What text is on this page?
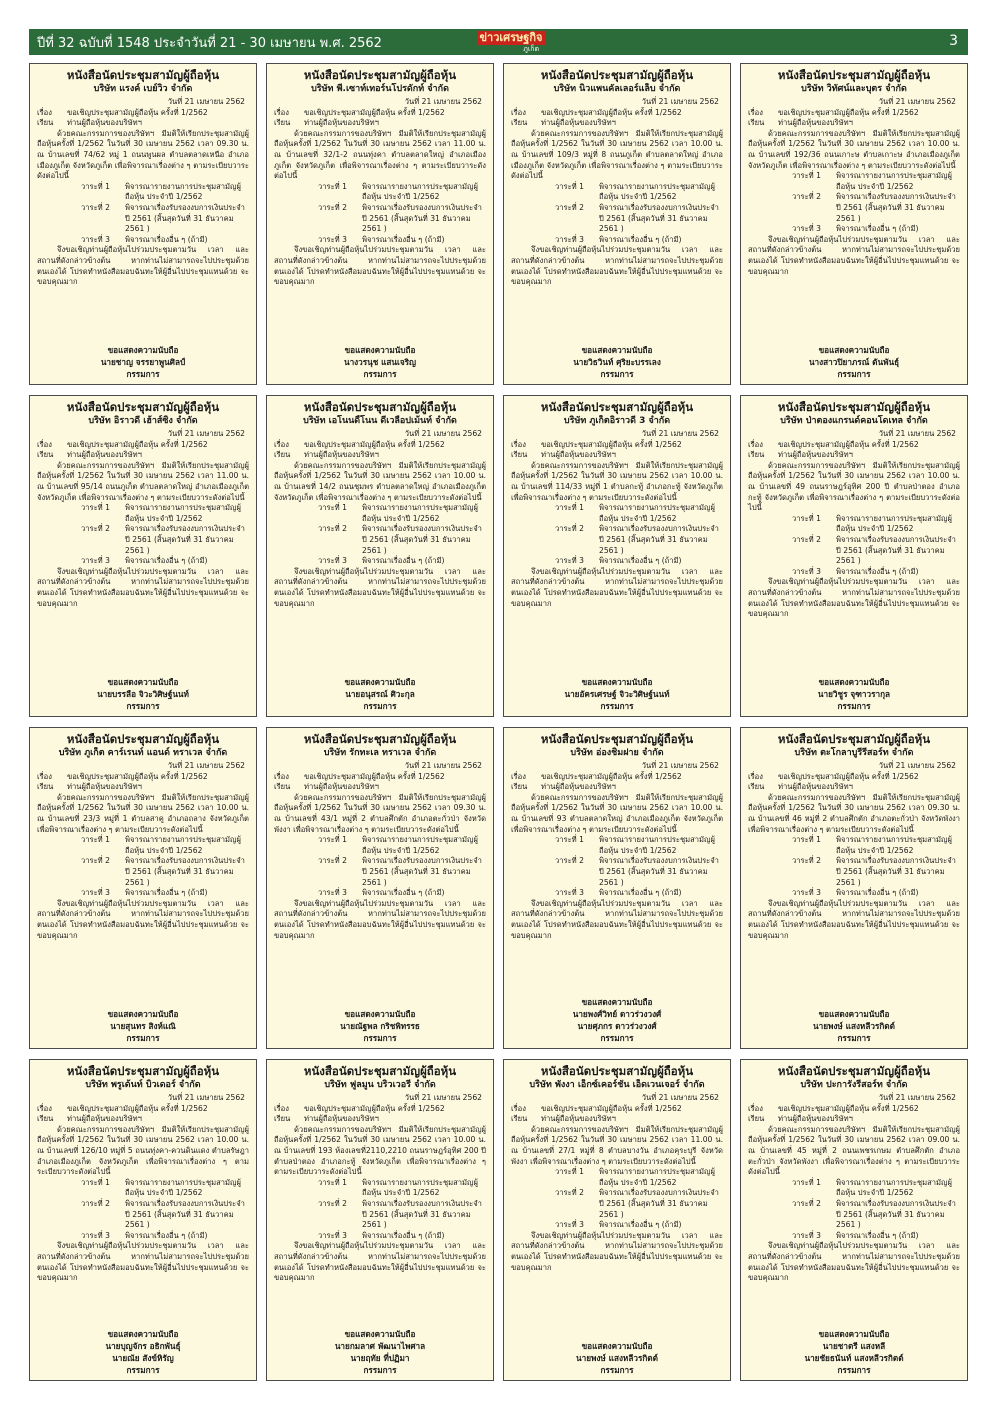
ปีที่ 32 ฉบับที่ 1548 ประจำวันที่ 21 - 30 เมษายน พ.ศ. 2562	ข่าวเศรษฐกิจ
ภูเก็ต	3
หนังสือนัดประชุมสามัญผู้ถือหุ้น
บริษัท แรงค์ เบย์วิว จำกัด
วันที่ 21 เมษายน 2562
เรื่อง	ขอเชิญประชุมสามัญผู้ถือหุ้น ครั้งที่ 1/2562
เรียน	ท่านผู้ถือหุ้นของบริษัทฯ
ด้วยคณะกรรมการของบริษัทฯ มีมติให้เรียกประชุมสามัญผู้ถือหุ้นครั้งที่ 1/2562 ในวันที่ 30 เมษายน 2562 เวลา 09.30 น. ณ บ้านเลขที่ 74/62 หมู่ 1 ถนนพูนผล ตำบลตลาดเหนือ อำเภอเมืองภูเก็ต จังหวัดภูเก็ต เพื่อพิจารณาเรื่องต่าง ๆ ตามระเบียบวาระดังต่อไปนี้
วาระที่ 1	พิจารณารายงานการประชุมสามัญผู้ถือหุ้น ประจำปี 1/2562
วาระที่ 2	พิจารณาเรื่องรับรองงบการเงินประจำปี 2561 (สิ้นสุดวันที่ 31 ธันวาคม 2561 )
วาระที่ 3	พิจารณาเรื่องอื่น ๆ (ถ้ามี)
จึงขอเชิญท่านผู้ถือหุ้นไปร่วมประชุมตามวัน เวลา และสถานที่ดังกล่าวข้างต้น หากท่านไม่สามารถจะไปประชุมด้วยตนเองได้ โปรดทำหนังสือมอบฉันทะให้ผู้อื่นไปประชุมแทนด้วย จะขอบคุณมาก
ขอแสดงความนับถือ
นายชาญ จรรยาพูนศิลป์
กรรมการ
หนังสือนัดประชุมสามัญผู้ถือหุ้น
บริษัท พี.เซาท์เทอร์นโปรดักท์ จำกัด
วันที่ 21 เมษายน 2562
เรื่อง	ขอเชิญประชุมสามัญผู้ถือหุ้น ครั้งที่ 1/2562
เรียน	ท่านผู้ถือหุ้นของบริษัทฯ
ด้วยคณะกรรมการของบริษัทฯ มีมติให้เรียกประชุมสามัญผู้ถือหุ้นครั้งที่ 1/2562 ในวันที่ 30 เมษายน 2562 เวลา 11.00 น. ณ บ้านเลขที่ 32/1-2 ถนนทุ่งคา ตำบลตลาดใหญ่ อำเภอเมืองภูเก็ต จังหวัดภูเก็ต เพื่อพิจารณาเรื่องต่าง ๆ ตามระเบียบวาระดังต่อไปนี้
วาระที่ 1	พิจารณารายงานการประชุมสามัญผู้ถือหุ้น ประจำปี 1/2562
วาระที่ 2	พิจารณาเรื่องรับรองงบการเงินประจำปี 2561 (สิ้นสุดวันที่ 31 ธันวาคม 2561 )
วาระที่ 3	พิจารณาเรื่องอื่น ๆ (ถ้ามี)
จึงขอเชิญท่านผู้ถือหุ้นไปร่วมประชุมตามวัน เวลา และสถานที่ดังกล่าวข้างต้น หากท่านไม่สามารถจะไปประชุมด้วยตนเองได้ โปรดทำหนังสือมอบฉันทะให้ผู้อื่นไปประชุมแทนด้วย จะขอบคุณมาก
ขอแสดงความนับถือ
นางวรนุช แสนเจริญ
กรรมการ
หนังสือนัดประชุมสามัญผู้ถือหุ้น
บริษัท นิวแพนคัลเลอร์แล็บ จำกัด
วันที่ 21 เมษายน 2562
เรื่อง	ขอเชิญประชุมสามัญผู้ถือหุ้น ครั้งที่ 1/2562
เรียน	ท่านผู้ถือหุ้นของบริษัทฯ
ด้วยคณะกรรมการของบริษัทฯ มีมติให้เรียกประชุมสามัญผู้ถือหุ้นครั้งที่ 1/2562 ในวันที่ 30 เมษายน 2562 เวลา 10.00 น. ณ บ้านเลขที่ 109/3 หมู่ที่ 8 ถนนภูเก็ต ตำบลตลาดใหญ่ อำเภอเมืองภูเก็ต จังหวัดภูเก็ต เพื่อพิจารณาเรื่องต่าง ๆ ตามระเบียบวาระดังต่อไปนี้
วาระที่ 1	พิจารณารายงานการประชุมสามัญผู้ถือหุ้น ประจำปี 1/2562
วาระที่ 2	พิจารณาเรื่องรับรองงบการเงินประจำปี 2561 (สิ้นสุดวันที่ 31 ธันวาคม 2561 )
วาระที่ 3	พิจารณาเรื่องอื่น ๆ (ถ้ามี)
จึงขอเชิญท่านผู้ถือหุ้นไปร่วมประชุมตามวัน เวลา และสถานที่ดังกล่าวข้างต้น หากท่านไม่สามารถจะไปประชุมด้วยตนเองได้ โปรดทำหนังสือมอบฉันทะให้ผู้อื่นไปประชุมแทนด้วย จะขอบคุณมาก
ขอแสดงความนับถือ
นายวิธวินท์ ศุริยะบรรเลง
กรรมการ
หนังสือนัดประชุมสามัญผู้ถือหุ้น
บริษัท วิทัศน์และบุตร จำกัด
วันที่ 21 เมษายน 2562
เรื่อง	ขอเชิญประชุมสามัญผู้ถือหุ้น ครั้งที่ 1/2562
เรียน	ท่านผู้ถือหุ้นของบริษัทฯ
ด้วยคณะกรรมการของบริษัทฯ มีมติให้เรียกประชุมสามัญผู้ถือหุ้นครั้งที่ 1/2562 ในวันที่ 30 เมษายน 2562 เวลา 10.00 น. ณ บ้านเลขที่ 192/36 ถนนเกาะษ ตำบลเกาะษ อำเภอเมืองภูเก็ต จังหวัดภูเก็ต เพื่อพิจารณาเรื่องต่าง ๆ ตามระเบียบวาระดังต่อไปนี้
วาระที่ 1	พิจารณารายงานการประชุมสามัญผู้ถือหุ้น ประจำปี 1/2562
วาระที่ 2	พิจารณาเรื่องรับรองงบการเงินประจำปี 2561 (สิ้นสุดวันที่ 31 ธันวาคม 2561 )
วาระที่ 3	พิจารณาเรื่องอื่น ๆ (ถ้ามี)
จึงขอเชิญท่านผู้ถือหุ้นไปร่วมประชุมตามวัน เวลา และสถานที่ดังกล่าวข้างต้น หากท่านไม่สามารถจะไปประชุมด้วยตนเองได้ โปรดทำหนังสือมอบฉันทะให้ผู้อื่นไปประชุมแทนด้วย จะขอบคุณมาก
ขอแสดงความนับถือ
นางสาวปิยาภรณ์ ตันพันธุ์
กรรมการ
หนังสือนัดประชุมสามัญผู้ถือหุ้น
บริษัท อิราวดี เฮ้าส์ซิ่ง จำกัด
วันที่ 21 เมษายน 2562
เรื่อง	ขอเชิญประชุมสามัญผู้ถือหุ้น ครั้งที่ 1/2562
เรียน	ท่านผู้ถือหุ้นของบริษัทฯ
ด้วยคณะกรรมการของบริษัทฯ มีมติให้เรียกประชุมสามัญผู้ถือหุ้นครั้งที่ 1/2562 ในวันที่ 30 เมษายน 2562 เวลา 11.00 น. ณ บ้านเลขที่ 95/14 ถนนภูเก็ต ตำบลตลาดใหญ่ อำเภอเมืองภูเก็ต จังหวัดภูเก็ต เพื่อพิจารณาเรื่องต่าง ๆ ตามระเบียบวาระดังต่อไปนี้
วาระที่ 1	พิจารณารายงานการประชุมสามัญผู้ถือหุ้น ประจำปี 1/2562
วาระที่ 2	พิจารณาเรื่องรับรองงบการเงินประจำปี 2561 (สิ้นสุดวันที่ 31 ธันวาคม 2561 )
วาระที่ 3	พิจารณาเรื่องอื่น ๆ (ถ้ามี)
จึงขอเชิญท่านผู้ถือหุ้นไปร่วมประชุมตามวัน เวลา และสถานที่ดังกล่าวข้างต้น หากท่านไม่สามารถจะไปประชุมด้วยตนเองได้ โปรดทำหนังสือมอบฉันทะให้ผู้อื่นไปประชุมแทนด้วย จะขอบคุณมาก
ขอแสดงความนับถือ
นายบรรลือ จิวะวิศิษฐ์นนท์
กรรมการ
หนังสือนัดประชุมสามัญผู้ถือหุ้น
บริษัท เอโนนดี้โนน ดีเวลือปเม้นท์ จำกัด
วันที่ 21 เมษายน 2562
เรื่อง	ขอเชิญประชุมสามัญผู้ถือหุ้น ครั้งที่ 1/2562
เรียน	ท่านผู้ถือหุ้นของบริษัทฯ
ด้วยคณะกรรมการของบริษัทฯ มีมติให้เรียกประชุมสามัญผู้ถือหุ้นครั้งที่ 1/2562 ในวันที่ 30 เมษายน 2562 เวลา 10.00 น. ณ บ้านเลขที่ 14/2 ถนนชุมพร ตำบลตลาดใหญ่ อำเภอเมืองภูเก็ต จังหวัดภูเก็ต เพื่อพิจารณาเรื่องต่าง ๆ ตามระเบียบวาระดังต่อไปนี้
วาระที่ 1	พิจารณารายงานการประชุมสามัญผู้ถือหุ้น ประจำปี 1/2562
วาระที่ 2	พิจารณาเรื่องรับรองงบการเงินประจำปี 2561 (สิ้นสุดวันที่ 31 ธันวาคม 2561 )
วาระที่ 3	พิจารณาเรื่องอื่น ๆ (ถ้ามี)
จึงขอเชิญท่านผู้ถือหุ้นไปร่วมประชุมตามวัน เวลา และสถานที่ดังกล่าวข้างต้น หากท่านไม่สามารถจะไปประชุมด้วยตนเองได้ โปรดทำหนังสือมอบฉันทะให้ผู้อื่นไปประชุมแทนด้วย จะขอบคุณมาก
ขอแสดงความนับถือ
นายอนุสรณ์ ศิวะกุล
กรรมการ
หนังสือนัดประชุมสามัญผู้ถือหุ้น
บริษัท ภูเก็ตอิราวดี 3 จำกัด
วันที่ 21 เมษายน 2562
เรื่อง	ขอเชิญประชุมสามัญผู้ถือหุ้น ครั้งที่ 1/2562
เรียน	ท่านผู้ถือหุ้นของบริษัทฯ
ด้วยคณะกรรมการของบริษัทฯ มีมติให้เรียกประชุมสามัญผู้ถือหุ้นครั้งที่ 1/2562 ในวันที่ 30 เมษายน 2562 เวลา 10.00 น. ณ บ้านเลขที่ 114/33 หมู่ที่ 1 ตำบลกะทู้ อำเภอกะทู้ จังหวัดภูเก็ต เพื่อพิจารณาเรื่องต่าง ๆ ตามระเบียบวาระดังต่อไปนี้
วาระที่ 1	พิจารณารายงานการประชุมสามัญผู้ถือหุ้น ประจำปี 1/2562
วาระที่ 2	พิจารณาเรื่องรับรองงบการเงินประจำปี 2561 (สิ้นสุดวันที่ 31 ธันวาคม 2561 )
วาระที่ 3	พิจารณาเรื่องอื่น ๆ (ถ้ามี)
จึงขอเชิญท่านผู้ถือหุ้นไปร่วมประชุมตามวัน เวลา และสถานที่ดังกล่าวข้างต้น หากท่านไม่สามารถจะไปประชุมด้วยตนเองได้ โปรดทำหนังสือมอบฉันทะให้ผู้อื่นไปประชุมแทนด้วย จะขอบคุณมาก
ขอแสดงความนับถือ
นายอัครเศรษฐ์ จิวะวิศิษฐ์นนท์
กรรมการ
หนังสือนัดประชุมสามัญผู้ถือหุ้น
บริษัท ป่าตองแกรนด์คอนโดเทล จำกัด
วันที่ 21 เมษายน 2562
เรื่อง	ขอเชิญประชุมสามัญผู้ถือหุ้น ครั้งที่ 1/2562
เรียน	ท่านผู้ถือหุ้นของบริษัทฯ
ด้วยคณะกรรมการของบริษัทฯ มีมติให้เรียกประชุมสามัญผู้ถือหุ้นครั้งที่ 1/2562 ในวันที่ 30 เมษายน 2562 เวลา 10.00 น. ณ บ้านเลขที่ 49 ถนนราษฎร์อุทิศ 200 ปี ตำบลป่าตอง อำเภอกะทู้ จังหวัดภูเก็ต เพื่อพิจารณาเรื่องต่าง ๆ ตามระเบียบวาระดังต่อไปนี้
วาระที่ 1	พิจารณารายงานการประชุมสามัญผู้ถือหุ้น ประจำปี 1/2562
วาระที่ 2	พิจารณาเรื่องรับรองงบการเงินประจำปี 2561 (สิ้นสุดวันที่ 31 ธันวาคม 2561 )
วาระที่ 3	พิจารณาเรื่องอื่น ๆ (ถ้ามี)
จึงขอเชิญท่านผู้ถือหุ้นไปร่วมประชุมตามวัน เวลา และสถานที่ดังกล่าวข้างต้น หากท่านไม่สามารถจะไปประชุมด้วยตนเองได้ โปรดทำหนังสือมอบฉันทะให้ผู้อื่นไปประชุมแทนด้วย จะขอบคุณมาก
ขอแสดงความนับถือ
นายวิชูร จุฑาวรากุล
กรรมการ
หนังสือนัดประชุมสามัญผู้ถือหุ้น
บริษัท ภูเก็ต คาร์เรนท์ แอนด์ ทราเวล จำกัด
วันที่ 21 เมษายน 2562
เรื่อง	ขอเชิญประชุมสามัญผู้ถือหุ้น ครั้งที่ 1/2562
เรียน	ท่านผู้ถือหุ้นของบริษัทฯ
ด้วยคณะกรรมการของบริษัทฯ มีมติให้เรียกประชุมสามัญผู้ถือหุ้นครั้งที่ 1/2562 ในวันที่ 30 เมษายน 2562 เวลา 10.00 น. ณ บ้านเลขที่ 23/3 หมู่ที่ 1 ตำบลสาคู อำเภอถลาง จังหวัดภูเก็ต เพื่อพิจารณาเรื่องต่าง ๆ ตามระเบียบวาระดังต่อไปนี้
วาระที่ 1	พิจารณารายงานการประชุมสามัญผู้ถือหุ้น ประจำปี 1/2562
วาระที่ 2	พิจารณาเรื่องรับรองงบการเงินประจำปี 2561 (สิ้นสุดวันที่ 31 ธันวาคม 2561 )
วาระที่ 3	พิจารณาเรื่องอื่น ๆ (ถ้ามี)
จึงขอเชิญท่านผู้ถือหุ้นไปร่วมประชุมตามวัน เวลา และสถานที่ดังกล่าวข้างต้น หากท่านไม่สามารถจะไปประชุมด้วยตนเองได้ โปรดทำหนังสือมอบฉันทะให้ผู้อื่นไปประชุมแทนด้วย จะขอบคุณมาก
ขอแสดงความนับถือ
นายสุนทร สิงห์แณิ
กรรมการ
หนังสือนัดประชุมสามัญผู้ถือหุ้น
บริษัท รักทะเล ทราเวล จำกัด
วันที่ 21 เมษายน 2562
เรื่อง	ขอเชิญประชุมสามัญผู้ถือหุ้น ครั้งที่ 1/2562
เรียน	ท่านผู้ถือหุ้นของบริษัทฯ
ด้วยคณะกรรมการของบริษัทฯ มีมติให้เรียกประชุมสามัญผู้ถือหุ้นครั้งที่ 1/2562 ในวันที่ 30 เมษายน 2562 เวลา 09.30 น. ณ บ้านเลขที่ 43/1 หมู่ที่ 2 ตำบลศึกตัก อำเภอตะกั่วป่า จังหวัดพังงา เพื่อพิจารณาเรื่องต่าง ๆ ตามระเบียบวาระดังต่อไปนี้
วาระที่ 1	พิจารณารายงานการประชุมสามัญผู้ถือหุ้น ประจำปี 1/2562
วาระที่ 2	พิจารณาเรื่องรับรองงบการเงินประจำปี 2561 (สิ้นสุดวันที่ 31 ธันวาคม 2561 )
วาระที่ 3	พิจารณาเรื่องอื่น ๆ (ถ้ามี)
จึงขอเชิญท่านผู้ถือหุ้นไปร่วมประชุมตามวัน เวลา และสถานที่ดังกล่าวข้างต้น หากท่านไม่สามารถจะไปประชุมด้วยตนเองได้ โปรดทำหนังสือมอบฉันทะให้ผู้อื่นไปประชุมแทนด้วย จะขอบคุณมาก
ขอแสดงความนับถือ
นายณัฐพล กริชพิทรรธ
กรรมการ
หนังสือนัดประชุมสามัญผู้ถือหุ้น
บริษัท อ่องชิมฝาย จำกัด
วันที่ 21 เมษายน 2562
เรื่อง	ขอเชิญประชุมสามัญผู้ถือหุ้น ครั้งที่ 1/2562
เรียน	ท่านผู้ถือหุ้นของบริษัทฯ
ด้วยคณะกรรมการของบริษัทฯ มีมติให้เรียกประชุมสามัญผู้ถือหุ้นครั้งที่ 1/2562 ในวันที่ 30 เมษายน 2562 เวลา 10.00 น. ณ บ้านเลขที่ 93 ตำบลตลาดใหญ่ อำเภอเมืองภูเก็ต จังหวัดภูเก็ต เพื่อพิจารณาเรื่องต่าง ๆ ตามระเบียบวาระดังต่อไปนี้
วาระที่ 1	พิจารณารายงานการประชุมสามัญผู้ถือหุ้น ประจำปี 1/2562
วาระที่ 2	พิจารณาเรื่องรับรองงบการเงินประจำปี 2561 (สิ้นสุดวันที่ 31 ธันวาคม 2561 )
วาระที่ 3	พิจารณาเรื่องอื่น ๆ (ถ้ามี)
จึงขอเชิญท่านผู้ถือหุ้นไปร่วมประชุมตามวัน เวลา และสถานที่ดังกล่าวข้างต้น หากท่านไม่สามารถจะไปประชุมด้วยตนเองได้ โปรดทำหนังสือมอบฉันทะให้ผู้อื่นไปประชุมแทนด้วย จะขอบคุณมาก
ขอแสดงความนับถือ
นายพงศ์วิทย์ ดาวร่วงวงศ์
นายศุภกร ดาวร่วงวงศ์
กรรมการ
หนังสือนัดประชุมสามัญผู้ถือหุ้น
บริษัท ตะโกลาบูรีรีสอร์ท จำกัด
วันที่ 21 เมษายน 2562
เรื่อง	ขอเชิญประชุมสามัญผู้ถือหุ้น ครั้งที่ 1/2562
เรียน	ท่านผู้ถือหุ้นของบริษัทฯ
ด้วยคณะกรรมการของบริษัทฯ มีมติให้เรียกประชุมสามัญผู้ถือหุ้นครั้งที่ 1/2562 ในวันที่ 30 เมษายน 2562 เวลา 09.30 น. ณ บ้านเลขที่ 46 หมู่ที่ 2 ตำบลศึกตัก อำเภอตะกั่วป่า จังหวัดพังงา เพื่อพิจารณาเรื่องต่าง ๆ ตามระเบียบวาระดังต่อไปนี้
วาระที่ 1	พิจารณารายงานการประชุมสามัญผู้ถือหุ้น ประจำปี 1/2562
วาระที่ 2	พิจารณาเรื่องรับรองงบการเงินประจำปี 2561 (สิ้นสุดวันที่ 31 ธันวาคม 2561 )
วาระที่ 3	พิจารณาเรื่องอื่น ๆ (ถ้ามี)
จึงขอเชิญท่านผู้ถือหุ้นไปร่วมประชุมตามวัน เวลา และสถานที่ดังกล่าวข้างต้น หากท่านไม่สามารถจะไปประชุมด้วยตนเองได้ โปรดทำหนังสือมอบฉันทะให้ผู้อื่นไปประชุมแทนด้วย จะขอบคุณมาก
ขอแสดงความนับถือ
นายพงษ์ แสงหลีวรกิตต์
กรรมการ
หนังสือนัดประชุมสามัญผู้ถือหุ้น
บริษัท พรูเด้นท์ บิวเดอร์ จำกัด
วันที่ 21 เมษายน 2562
เรื่อง	ขอเชิญประชุมสามัญผู้ถือหุ้น ครั้งที่ 1/2562
เรียน	ท่านผู้ถือหุ้นของบริษัทฯ
ด้วยคณะกรรมการของบริษัทฯ มีมติให้เรียกประชุมสามัญผู้ถือหุ้นครั้งที่ 1/2562 ในวันที่ 30 เมษายน 2562 เวลา 10.00 น. ณ บ้านเลขที่ 126/10 หมู่ที่ 5 ถนนทุ่งคา-ควนดินแดง ตำบลรัษฎา อำเภอเมืองภูเก็ต จังหวัดภูเก็ต เพื่อพิจารณาเรื่องต่าง ๆ ตามระเบียบวาระดังต่อไปนี้
วาระที่ 1	พิจารณารายงานการประชุมสามัญผู้ถือหุ้น ประจำปี 1/2562
วาระที่ 2	พิจารณาเรื่องรับรองงบการเงินประจำปี 2561 (สิ้นสุดวันที่ 31 ธันวาคม 2561 )
วาระที่ 3	พิจารณาเรื่องอื่น ๆ (ถ้ามี)
จึงขอเชิญท่านผู้ถือหุ้นไปร่วมประชุมตามวัน เวลา และสถานที่ดังกล่าวข้างต้น หากท่านไม่สามารถจะไปประชุมด้วยตนเองได้ โปรดทำหนังสือมอบฉันทะให้ผู้อื่นไปประชุมแทนด้วย จะขอบคุณมาก
ขอแสดงความนับถือ
นายบุญจักร อธิกพันธุ์
นายณัย สังข์หิรัญ
กรรมการ
หนังสือนัดประชุมสามัญผู้ถือหุ้น
บริษัท ฟูลมูน บริวเวอรี่ จำกัด
วันที่ 21 เมษายน 2562
เรื่อง	ขอเชิญประชุมสามัญผู้ถือหุ้น ครั้งที่ 1/2562
เรียน	ท่านผู้ถือหุ้นของบริษัทฯ
ด้วยคณะกรรมการของบริษัทฯ มีมติให้เรียกประชุมสามัญผู้ถือหุ้นครั้งที่ 1/2562 ในวันที่ 30 เมษายน 2562 เวลา 10.00 น. ณ บ้านเลขที่ 193 ห้องเลขที่2110,2210 ถนนราษฎร์อุทิศ 200 ปี ตำบลป่าตอง อำเภอกะทู้ จังหวัดภูเก็ต เพื่อพิจารณาเรื่องต่าง ๆ ตามระเบียบวาระดังต่อไปนี้
วาระที่ 1	พิจารณารายงานการประชุมสามัญผู้ถือหุ้น ประจำปี 1/2562
วาระที่ 2	พิจารณาเรื่องรับรองงบการเงินประจำปี 2561 (สิ้นสุดวันที่ 31 ธันวาคม 2561 )
วาระที่ 3	พิจารณาเรื่องอื่น ๆ (ถ้ามี)
จึงขอเชิญท่านผู้ถือหุ้นไปร่วมประชุมตามวัน เวลา และสถานที่ดังกล่าวข้างต้น หากท่านไม่สามารถจะไปประชุมด้วยตนเองได้ โปรดทำหนังสือมอบฉันทะให้ผู้อื่นไปประชุมแทนด้วย จะขอบคุณมาก
ขอแสดงความนับถือ
นายกมลาศ พัฒนาไพศาล
นายฤทัย ที่ปฏิมา
กรรมการ
หนังสือนัดประชุมสามัญผู้ถือหุ้น
บริษัท พังงา เอ็กซ์เคอร์ชั่น เอ็ดเวนเจอร์ จำกัด
วันที่ 21 เมษายน 2562
เรื่อง	ขอเชิญประชุมสามัญผู้ถือหุ้น ครั้งที่ 1/2562
เรียน	ท่านผู้ถือหุ้นของบริษัทฯ
ด้วยคณะกรรมการของบริษัทฯ มีมติให้เรียกประชุมสามัญผู้ถือหุ้นครั้งที่ 1/2562 ในวันที่ 30 เมษายน 2562 เวลา 11.00 น. ณ บ้านเลขที่ 27/1 หมู่ที่ 8 ตำบลบางวัน อำเภอคุระบุรี จังหวัดพังงา เพื่อพิจารณาเรื่องต่าง ๆ ตามระเบียบวาระดังต่อไปนี้
วาระที่ 1	พิจารณารายงานการประชุมสามัญผู้ถือหุ้น ประจำปี 1/2562
วาระที่ 2	พิจารณาเรื่องรับรองงบการเงินประจำปี 2561 (สิ้นสุดวันที่ 31 ธันวาคม 2561 )
วาระที่ 3	พิจารณาเรื่องอื่น ๆ (ถ้ามี)
จึงขอเชิญท่านผู้ถือหุ้นไปร่วมประชุมตามวัน เวลา และสถานที่ดังกล่าวข้างต้น หากท่านไม่สามารถจะไปประชุมด้วยตนเองได้ โปรดทำหนังสือมอบฉันทะให้ผู้อื่นไปประชุมแทนด้วย จะขอบคุณมาก
ขอแสดงความนับถือ
นายพงษ์ แสงหลีวรกิตต์
กรรมการ
หนังสือนัดประชุมสามัญผู้ถือหุ้น
บริษัท ปะการังรีสอร์ท จำกัด
วันที่ 21 เมษายน 2562
เรื่อง	ขอเชิญประชุมสามัญผู้ถือหุ้น ครั้งที่ 1/2562
เรียน	ท่านผู้ถือหุ้นของบริษัทฯ
ด้วยคณะกรรมการของบริษัทฯ มีมติให้เรียกประชุมสามัญผู้ถือหุ้นครั้งที่ 1/2562 ในวันที่ 30 เมษายน 2562 เวลา 09.00 น. ณ บ้านเลขที่ 45 หมู่ที่ 2 ถนนเพชรเกษม ตำบลศึกตัก อำเภอตะกั่วป่า จังหวัดพังงา เพื่อพิจารณาเรื่องต่าง ๆ ตามระเบียบวาระดังต่อไปนี้
วาระที่ 1	พิจารณารายงานการประชุมสามัญผู้ถือหุ้น ประจำปี 1/2562
วาระที่ 2	พิจารณาเรื่องรับรองงบการเงินประจำปี 2561 (สิ้นสุดวันที่ 31 ธันวาคม 2561 )
วาระที่ 3	พิจารณาเรื่องอื่น ๆ (ถ้ามี)
จึงขอเชิญท่านผู้ถือหุ้นไปร่วมประชุมตามวัน เวลา และสถานที่ดังกล่าวข้างต้น หากท่านไม่สามารถจะไปประชุมด้วยตนเองได้ โปรดทำหนังสือมอบฉันทะให้ผู้อื่นไปประชุมแทนด้วย จะขอบคุณมาก
ขอแสดงความนับถือ
นายชาตรี แสงหลี
นายชัยธนันท์ แสงหลีวรกิตต์
กรรมการ
